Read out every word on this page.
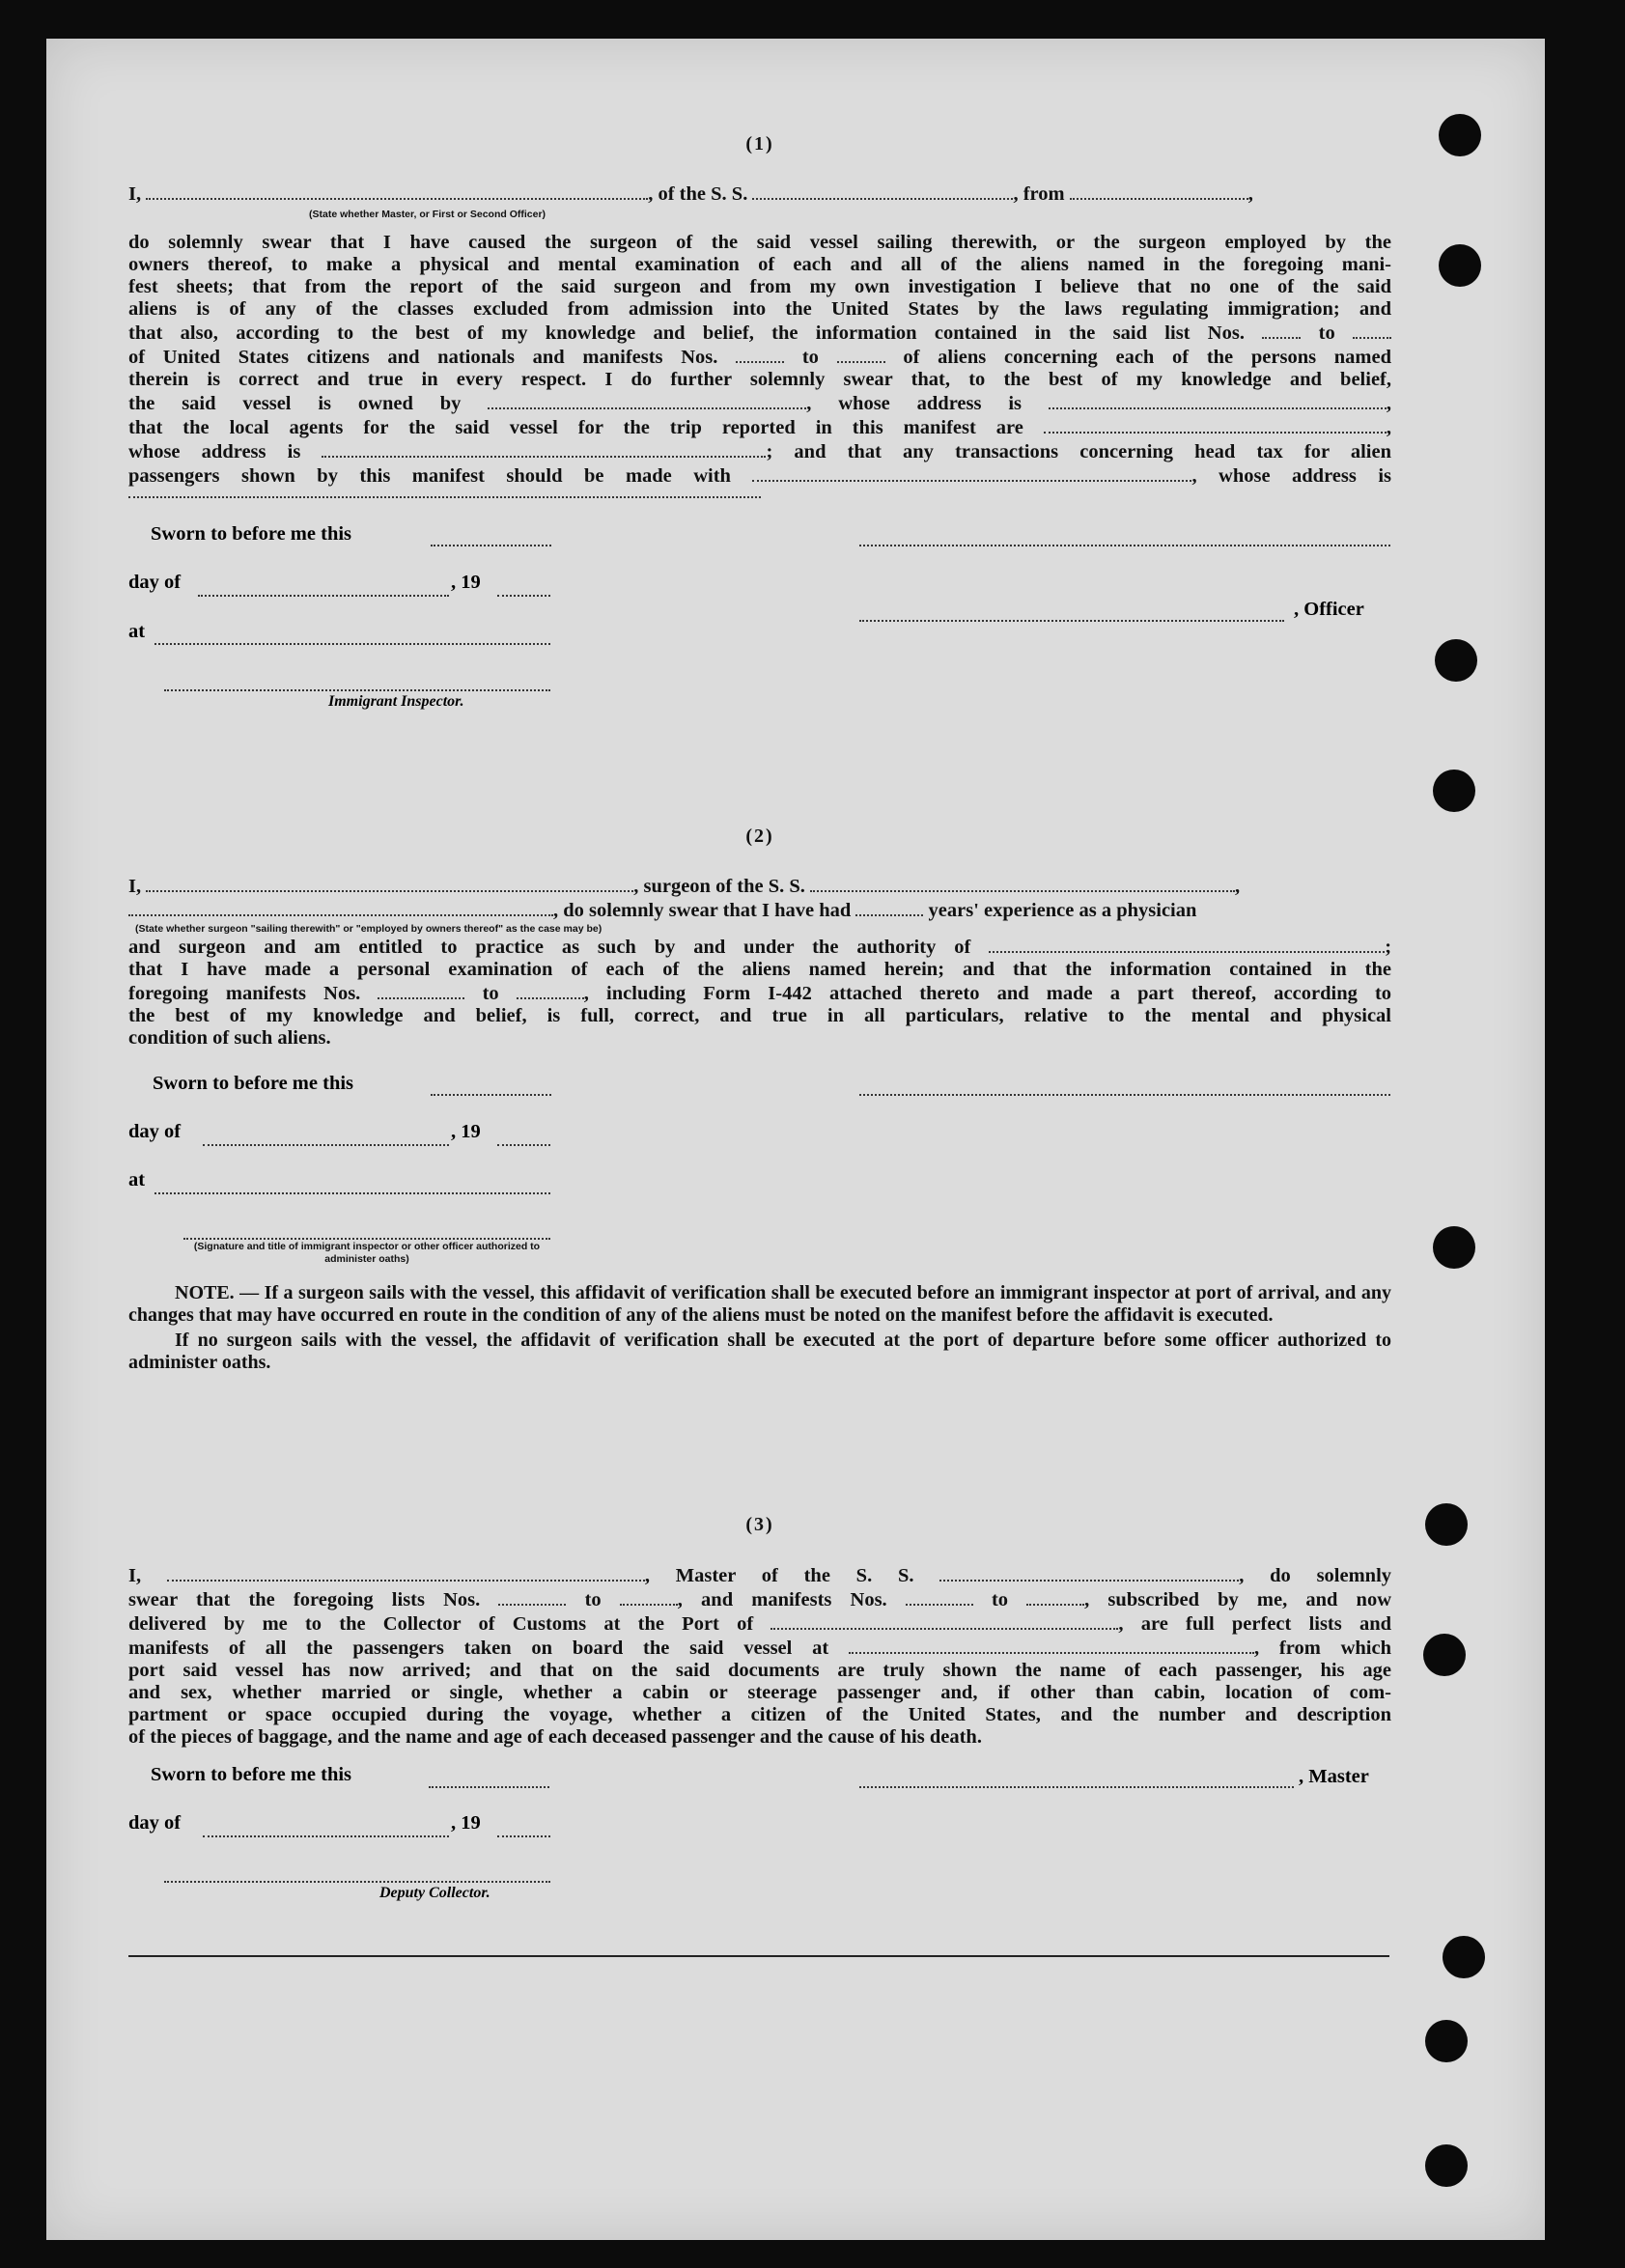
(1)
I,	, of the S. S.	, from	,
(State whether Master, or First or Second Officer)
do solemnly swear that I have caused the surgeon of the said vessel sailing therewith, or the surgeon employed by the
owners thereof, to make a physical and mental examination of each and all of the aliens named in the foregoing mani-
fest sheets; that from the report of the said surgeon and from my own investigation I believe that no one of the said
aliens is of any of the classes excluded from admission into the United States by the laws regulating immigration; and
that also, according to the best of my knowledge and belief, the information contained in the said list Nos.	to
of United States citizens and nationals and manifests Nos.	to	of aliens concerning each of the persons named
therein is correct and true in every respect. I do further solemnly swear that, to the best of my knowledge and belief,
the said vessel is owned by	, whose address is	,
that the local agents for the said vessel for the trip reported in this manifest are	,
whose address is	; and that any transactions concerning head tax for alien
passengers shown by this manifest should be made with	, whose address is
Sworn to before me this
day of	, 19
, Officer
at
Immigrant Inspector.
(2)
I,	, surgeon of the S. S.	,
, do solemnly swear that I have had	years' experience as a physician
(State whether surgeon "sailing therewith" or "employed by owners thereof" as the case may be)
and surgeon and am entitled to practice as such by and under the authority of	;
that I have made a personal examination of each of the aliens named herein; and that the information contained in the
foregoing manifests Nos.	to	, including Form I-442 attached thereto and made a part thereof, according to
the best of my knowledge and belief, is full, correct, and true in all particulars, relative to the mental and physical
condition of such aliens.
Sworn to before me this
day of	, 19
at
(Signature and title of immigrant inspector or other officer authorized to administer oaths)
NOTE. — If a surgeon sails with the vessel, this affidavit of verification shall be executed before an immigrant inspector at port of arrival, and any changes that may have occurred en route in the condition of any of the aliens must be noted on the manifest before the affidavit is executed.
If no surgeon sails with the vessel, the affidavit of verification shall be executed at the port of departure before some officer authorized to administer oaths.
(3)
I,	, Master of the S. S.	, do solemnly
swear that the foregoing lists Nos.	to	, and manifests Nos.	to	, subscribed by me, and now
delivered by me to the Collector of Customs at the Port of	, are full perfect lists and
manifests of all the passengers taken on board the said vessel at	, from which
port said vessel has now arrived; and that on the said documents are truly shown the name of each passenger, his age
and sex, whether married or single, whether a cabin or steerage passenger and, if other than cabin, location of com-
partment or space occupied during the voyage, whether a citizen of the United States, and the number and description
of the pieces of baggage, and the name and age of each deceased passenger and the cause of his death.
Sworn to before me this	, Master
day of	, 19
Deputy Collector.
